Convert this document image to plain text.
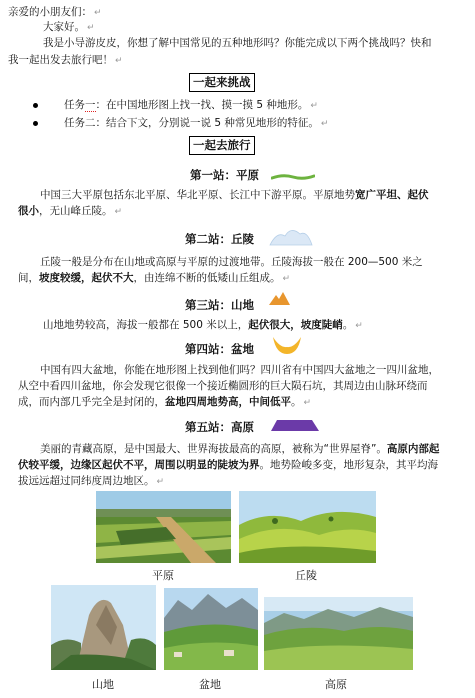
亲爱的小朋友们： ↵
大家好。 ↵
我是小导游皮皮，你想了解中国常见的五种地形吗？你能完成以下两个挑战吗？快和我一起出发去旅行吧！ ↵
一起来挑战
任务一：在中国地形图上找一找、摸一摸 5 种地形。 ↵
任务二：结合下文，分别说一说 5 种常见地形的特征。 ↵
一起去旅行
第一站：平原
中国三大平原包括东北平原、华北平原、长江中下游平原。平原地势宽广平坦、起伏很小，无山峰丘陵。 ↵
第二站：丘陵
丘陵一般是分布在山地或高原与平原的过渡地带。丘陵海拔一般在 200—500 米之间，坡度较缓，起伏不大，由连绵不断的低矮山丘组成。 ↵
第三站：山地
山地地势较高，海拔一般都在 500 米以上，起伏很大，坡度陡峭。 ↵
第四站：盆地
中国有四大盆地，你能在地形图上找到他们吗？四川省有中国四大盆地之一四川盆地，从空中看四川盆地，你会发现它很像一个接近椭圆形的巨大陨石坑，其周边由山脉环绕而成，而内部几乎完全是封闭的，盆地四周地势高，中间低平。 ↵
第五站：高原
美丽的青藏高原，是中国最大、世界海拔最高的高原，被称为“世界屋脊”。高原内部起伏较平缓，边缘区起伏不平，周围以明显的陡坡为界。地势险峻多变，地形复杂，其平均海拔远远超过同纬度周边地区。 ↵
平原	丘陵
山地	盆地	高原
